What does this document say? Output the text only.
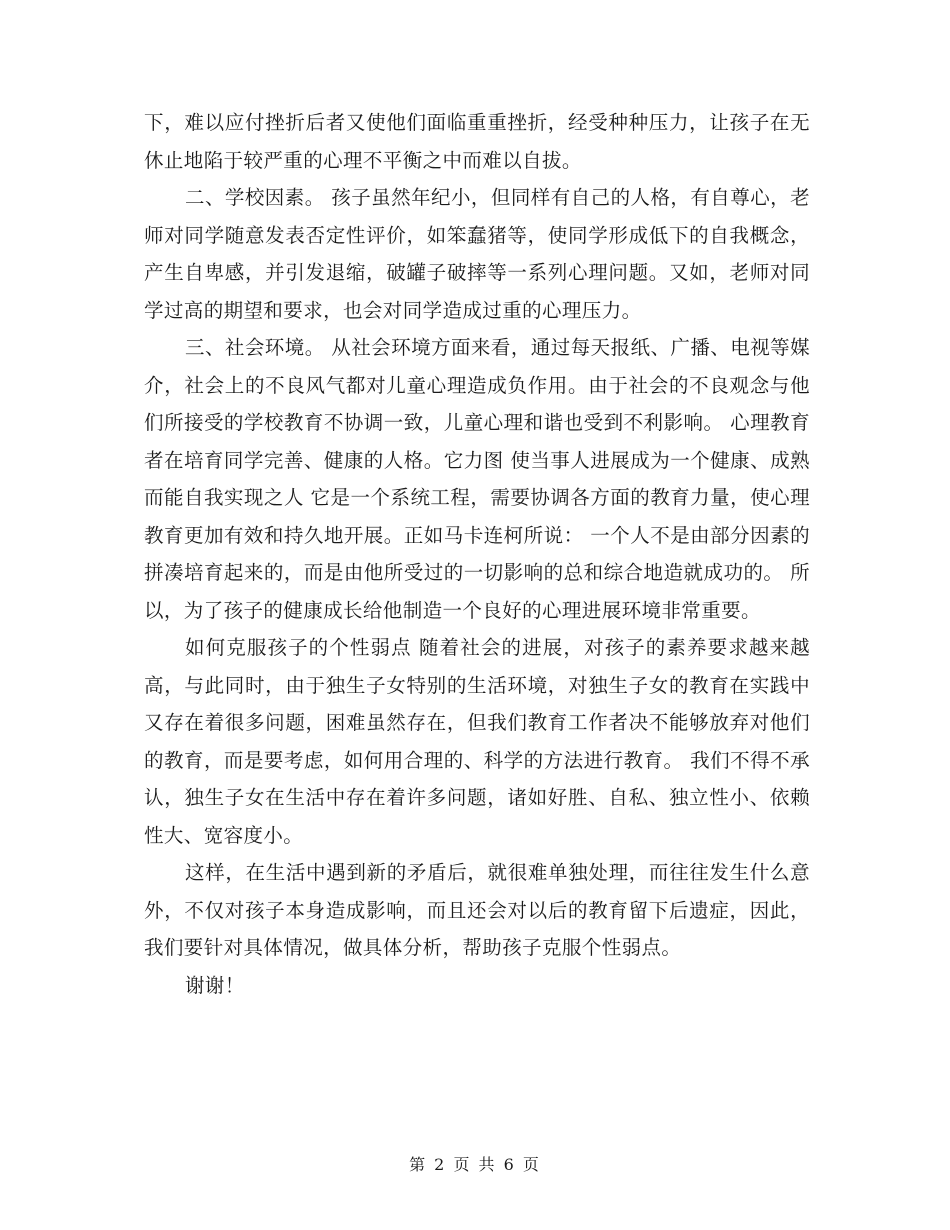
下，难以应付挫折后者又使他们面临重重挫折，经受种种压力，让孩子在无休止地陷于较严重的心理不平衡之中而难以自拔。

二、学校因素。 孩子虽然年纪小，但同样有自己的人格，有自尊心，老师对同学随意发表否定性评价，如笨蠢猪等，使同学形成低下的自我概念，产生自卑感，并引发退缩，破罐子破摔等一系列心理问题。又如，老师对同学过高的期望和要求，也会对同学造成过重的心理压力。

三、社会环境。 从社会环境方面来看，通过每天报纸、广播、电视等媒介，社会上的不良风气都对儿童心理造成负作用。由于社会的不良观念与他们所接受的学校教育不协调一致，儿童心理和谐也受到不利影响。 心理教育者在培育同学完善、健康的人格。它力图 使当事人进展成为一个健康、成熟而能自我实现之人 它是一个系统工程，需要协调各方面的教育力量，使心理教育更加有效和持久地开展。正如马卡连柯所说： 一个人不是由部分因素的拼凑培育起来的，而是由他所受过的一切影响的总和综合地造就成功的。 所以，为了孩子的健康成长给他制造一个良好的心理进展环境非常重要。

如何克服孩子的个性弱点 随着社会的进展，对孩子的素养要求越来越高，与此同时，由于独生子女特别的生活环境，对独生子女的教育在实践中又存在着很多问题，困难虽然存在，但我们教育工作者决不能够放弃对他们的教育，而是要考虑，如何用合理的、科学的方法进行教育。 我们不得不承认，独生子女在生活中存在着许多问题，诸如好胜、自私、独立性小、依赖性大、宽容度小。

这样，在生活中遇到新的矛盾后，就很难单独处理，而往往发生什么意外，不仅对孩子本身造成影响，而且还会对以后的教育留下后遗症，因此，我们要针对具体情况，做具体分析，帮助孩子克服个性弱点。

谢谢！

第 2 页 共 6 页
